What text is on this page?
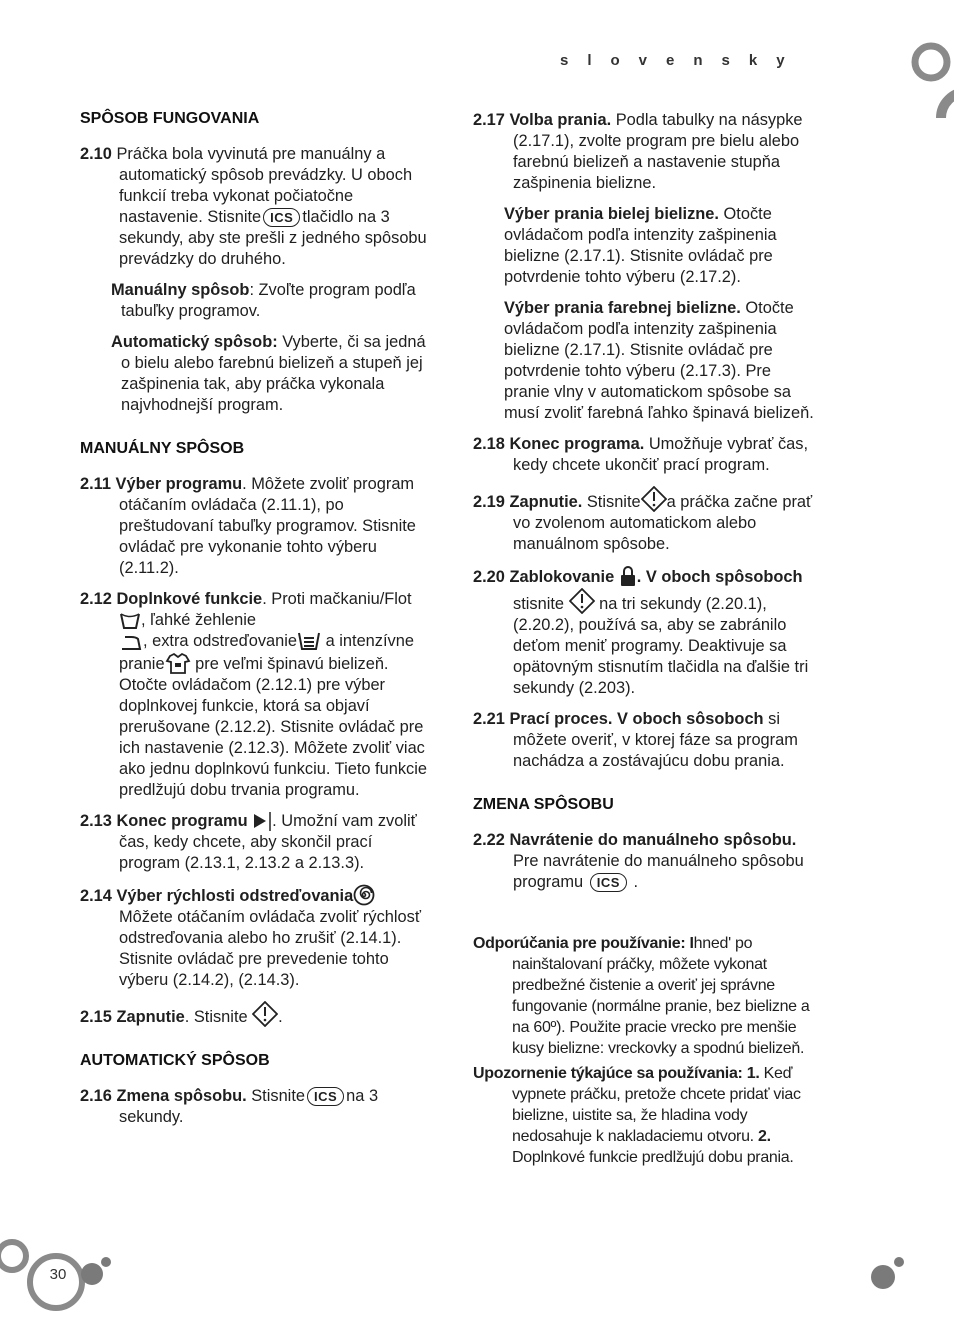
30
slovensky
SPÔSOB FUNGOVANIA
2.10 Práčka bola vyvinutá pre manuálny a automatický spôsob prevádzky. U oboch funkcií treba vykonat počiatočne nastavenie. Stisnite ICS tlačidlo na 3 sekundy, aby ste prešli z jedného spôsobu prevádzky do druhého.
Manuálny spôsob: Zvoľte program podľa tabuľky programov.
Automatický spôsob: Vyberte, či sa jedná o bielu alebo farebnú bielizeň a stupeň jej zašpinenia tak, aby práčka vykonala najvhodnejší program.
MANUÁLNY SPÔSOB
2.11 Výber programu. Môžete zvoliť program otáčaním ovládača (2.11.1), po preštudovaní tabuľky programov. Stisnite ovládač pre vykonanie tohto výberu (2.11.2).
2.12 Doplnkové funkcie. Proti mačkaniu/Flot, ľahké žehlenie
, extra odstreďovanie a intenzívne pranie pre veľmi špinavú bielizeň. Otočte ovládačom (2.12.1) pre výber doplnkovej funkcie, ktorá sa objaví prerušovane (2.12.2). Stisnite ovládač pre ich nastavenie (2.12.3). Môžete zvoliť viac ako jednu doplnkovú funkciu. Tieto funkcie predlžujú dobu trvania programu.
2.13 Konec programu . Umožní vam zvoliť čas, kedy chcete, aby skončil prací program (2.13.1, 2.13.2 a 2.13.3).
2.14 Výber rýchlosti odstreďovania Môžete otáčaním ovládača zvoliť rýchlosť odstreďovania alebo ho zrušiť (2.14.1). Stisnite ovládač pre prevedenie tohto výberu (2.14.2), (2.14.3).
2.15 Zapnutie. Stisnite .
AUTOMATICKÝ SPÔSOB
2.16 Zmena spôsobu. Stisnite ICS na 3 sekundy.
2.17 Volba prania. Podla tabulky na násypke (2.17.1), zvolte program pre bielu alebo farebnú bielizeň a nastavenie stupňa zašpinenia bielizne.
Výber prania bielej bielizne. Otočte ovládačom podľa intenzity zašpinenia bielizne (2.17.1). Stisnite ovládač pre potvrdenie tohto výberu (2.17.2).
Výber prania farebnej bielizne. Otočte ovládačom podľa intenzity zašpinenia bielizne (2.17.1). Stisnite ovládač pre potvrdenie tohto výberu (2.17.3). Pre pranie vlny v automatickom spôsobe sa musí zvoliť farebná ľahko špinavá bielizeň.
2.18 Konec programa. Umožňuje vybrať čas, kedy chcete ukončiť prací program.
2.19 Zapnutie. Stisnite a práčka začne prať vo zvolenom automatickom alebo manuálnom spôsobe.
2.20 Zablokovanie . V oboch spôsoboch
stisnite  na tri sekundy (2.20.1), (2.20.2), používá sa, aby se zabránilo deťom meniť programy. Deaktivuje sa opätovným stisnutím tlačidla na ďalšie tri sekundy (2.203).
2.21 Prací proces. V oboch sôsoboch si môžete overiť, v ktorej fáze sa program nachádza a zostávajúcu dobu prania.
ZMENA SPÔSOBU
2.22 Navrátenie do manuálneho spôsobu. Pre navrátenie do manuálneho spôsobu programu ICS .
Odporúčania pre používanie: Ihned' po nainštalovaní práčky, môžete vykonat predbežné čistenie a overiť jej správne fungovanie (normálne pranie, bez bielizne a na 60º). Použite pracie vrecko pre menšie kusy bielizne: vreckovky a spodnú bielizeň.
Upozornenie týkajúce sa používania: 1. Keď vypnete práčku, pretože chcete pridať viac bielizne, uistite sa, že hladina vody nedosahuje k nakladaciemu otvoru. 2. Doplnkové funkcie predlžujú dobu prania.
